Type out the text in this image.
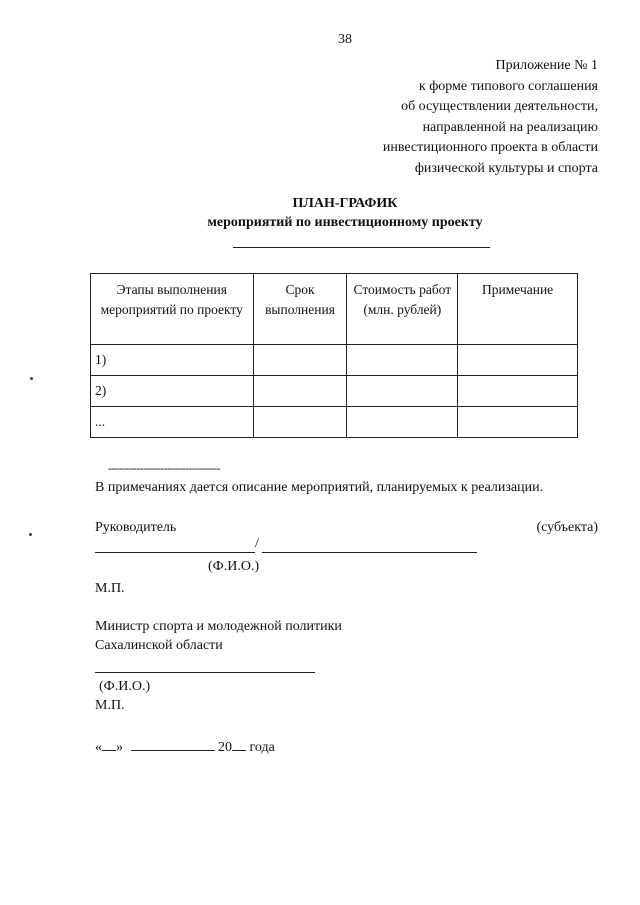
38
Приложение № 1
к форме типового соглашения
об осуществлении деятельности,
направленной на реализацию
инвестиционного проекта в области
физической культуры и спорта
ПЛАН-ГРАФИК
мероприятий по инвестиционному проекту
Этапы выполнения мероприятий по проекту	Срок выполнения	Стоимость работ (млн. рублей)	Примечание
1)			
2)			
...			
--------------------------------
В примечаниях дается описание мероприятий, планируемых к реализации.
Руководитель	(субъекта)
/
(Ф.И.О.)
М.П.
Министр спорта и молодежной политики
Сахалинской области
(Ф.И.О.)
М.П.
« »	20 года
